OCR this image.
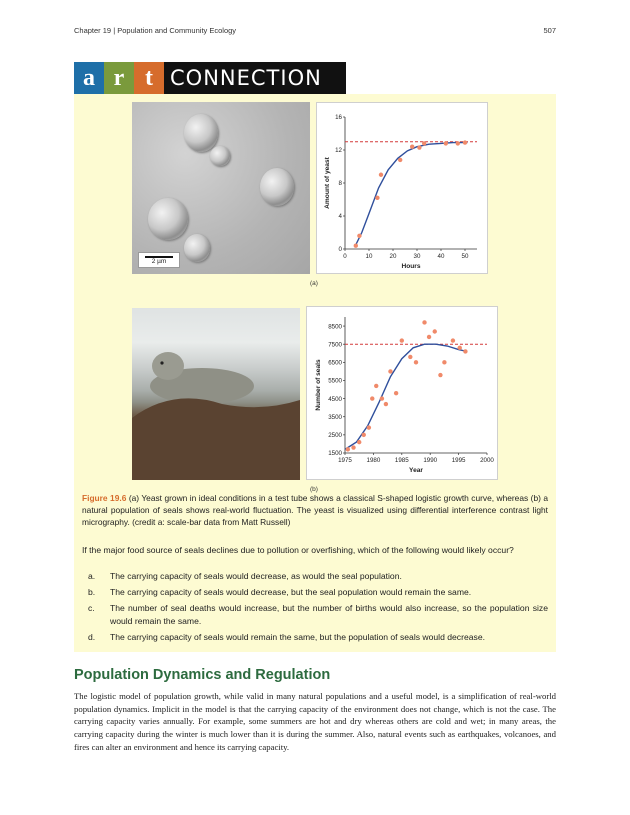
Chapter 19 | Population and Community Ecology	507
a r t CONNECTION
2 µm
0
4
8
12
16
0	10	20	30	40	50
Hours
Amount of yeast
(a)
1500
2500
3500
4500
5500
6500
7500
8500
1975 1980 1985 1990 1995 2000
Year
Number of seals
(b)
Figure 19.6 (a) Yeast grown in ideal conditions in a test tube shows a classical S-shaped logistic growth curve, whereas (b) a natural population of seals shows real-world fluctuation. The yeast is visualized using differential interference contrast light micrography. (credit a: scale-bar data from Matt Russell)
If the major food source of seals declines due to pollution or overfishing, which of the following would likely occur?
a.	The carrying capacity of seals would decrease, as would the seal population.
b.	The carrying capacity of seals would decrease, but the seal population would remain the same.
c.	The number of seal deaths would increase, but the number of births would also increase, so the population size would remain the same.
d.	The carrying capacity of seals would remain the same, but the population of seals would decrease.
Population Dynamics and Regulation
The logistic model of population growth, while valid in many natural populations and a useful model, is a simplification of real-world population dynamics. Implicit in the model is that the carrying capacity of the environment does not change, which is not the case. The carrying capacity varies annually. For example, some summers are hot and dry whereas others are cold and wet; in many areas, the carrying capacity during the winter is much lower than it is during the summer. Also, natural events such as earthquakes, volcanoes, and fires can alter an environment and hence its carrying capacity.
